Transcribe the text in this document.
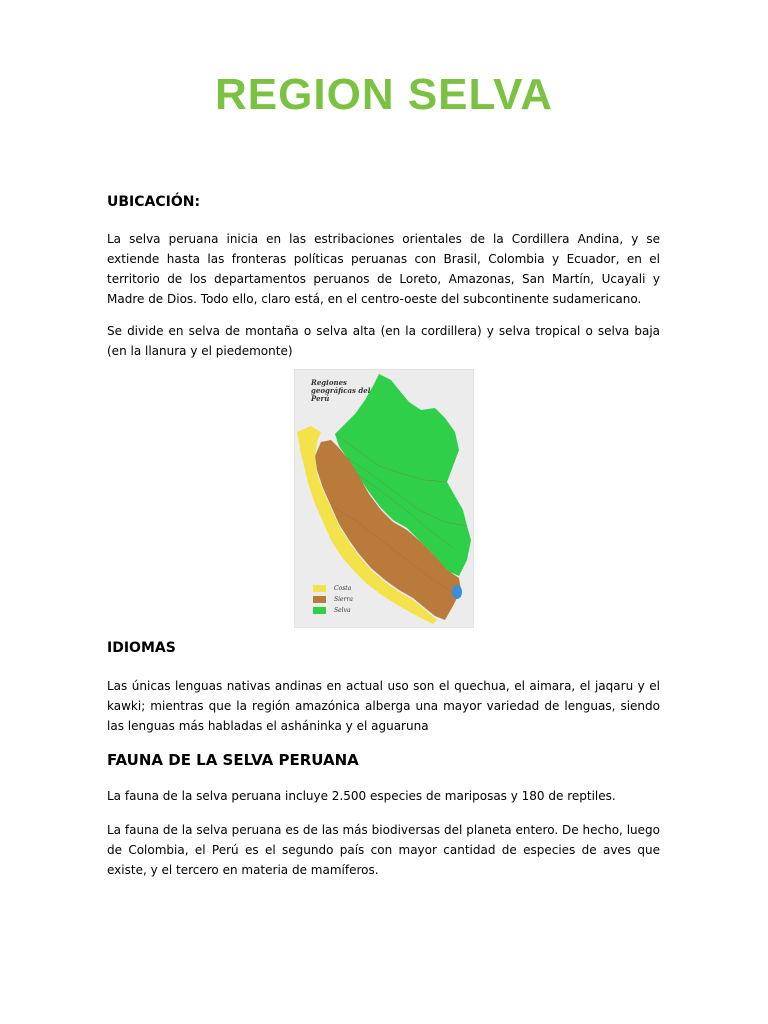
REGION SELVA
UBICACIÓN:

La selva peruana inicia en las estribaciones orientales de la Cordillera Andina, y se extiende hasta las fronteras políticas peruanas con Brasil, Colombia y Ecuador, en el territorio de los departamentos peruanos de Loreto, Amazonas, San Martín, Ucayali y Madre de Dios. Todo ello, claro está, en el centro-oeste del subcontinente sudamericano.

Se divide en selva de montaña o selva alta (en la cordillera) y selva tropical o selva baja (en la llanura y el piedemonte)

Regiones geográficas del Perú
Costa
Sierra
Selva
IDIOMAS

Las únicas lenguas nativas andinas en actual uso son el quechua, el aimara, el jaqaru y el kawki; mientras que la región amazónica alberga una mayor variedad de lenguas, siendo las lenguas más habladas el asháninka y el aguaruna

FAUNA DE LA SELVA PERUANA

La fauna de la selva peruana incluye 2.500 especies de mariposas y 180 de reptiles.

La fauna de la selva peruana es de las más biodiversas del planeta entero. De hecho, luego de Colombia, el Perú es el segundo país con mayor cantidad de especies de aves que existe, y el tercero en materia de mamíferos.
